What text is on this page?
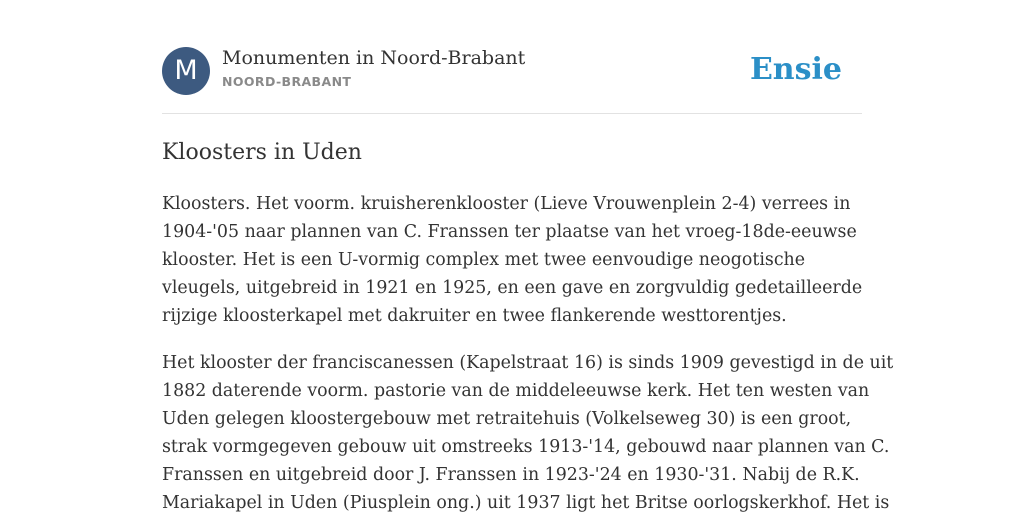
M	Monumenten in Noord-Brabant
NOORD-BRABANT	Ensie
Kloosters in Uden

Kloosters. Het voorm. kruisherenklooster (Lieve Vrouwenplein 2-4) verrees in
1904-'05 naar plannen van C. Franssen ter plaatse van het vroeg-18de-eeuwse
klooster. Het is een U-vormig complex met twee eenvoudige neogotische
vleugels, uitgebreid in 1921 en 1925, en een gave en zorgvuldig gedetailleerde
rijzige kloosterkapel met dakruiter en twee flankerende westtorentjes.

Het klooster der franciscanessen (Kapelstraat 16) is sinds 1909 gevestigd in de uit
1882 daterende voorm. pastorie van de middeleeuwse kerk. Het ten westen van
Uden gelegen kloostergebouw met retraitehuis (Volkelseweg 30) is een groot,
strak vormgegeven gebouw uit omstreeks 1913-'14, gebouwd naar plannen van C.
Franssen en uitgebreid door J. Franssen in 1923-'24 en 1930-'31. Nabij de R.K.
Mariakapel in Uden (Piusplein ong.) uit 1937 ligt het Britse oorlogskerkhof. Het is
